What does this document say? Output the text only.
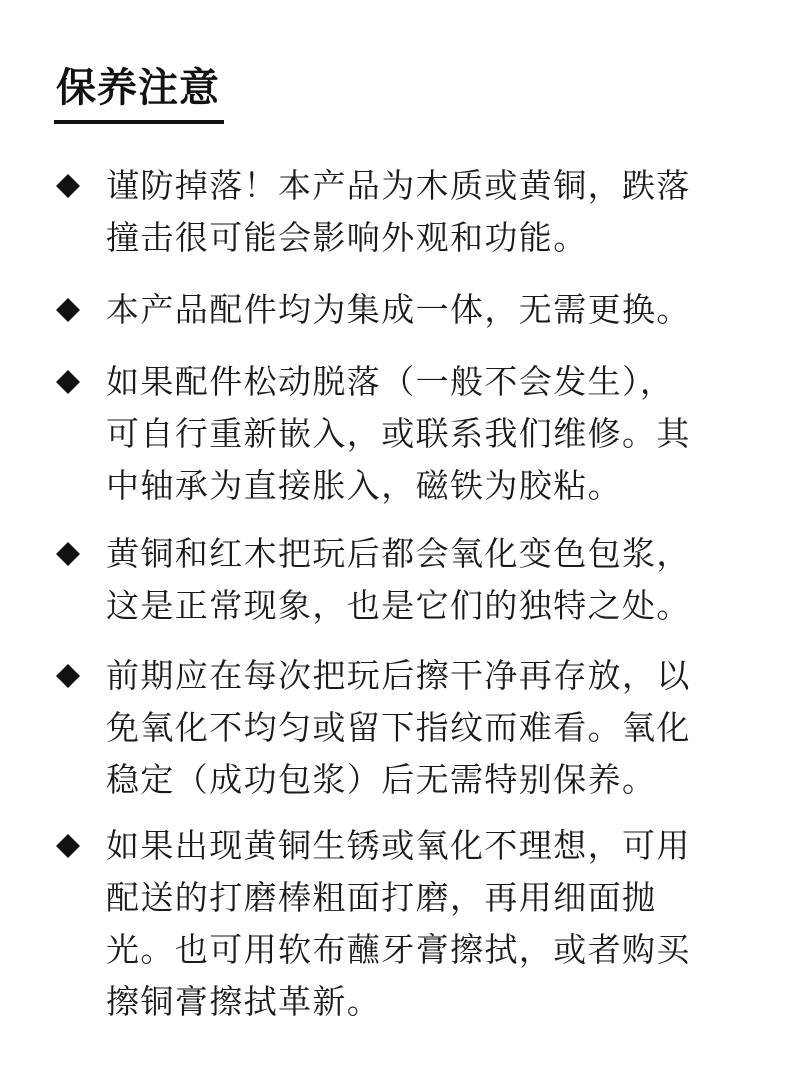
保养注意
谨防掉落！本产品为木质或黄铜，跌落
撞击很可能会影响外观和功能。
本产品配件均为集成一体，无需更换。
如果配件松动脱落（一般不会发生），
可自行重新嵌入，或联系我们维修。其
中轴承为直接胀入，磁铁为胶粘。
黄铜和红木把玩后都会氧化变色包浆，
这是正常现象，也是它们的独特之处。
前期应在每次把玩后擦干净再存放，以
免氧化不均匀或留下指纹而难看。氧化
稳定（成功包浆）后无需特别保养。
如果出现黄铜生锈或氧化不理想，可用
配送的打磨棒粗面打磨，再用细面抛
光。也可用软布蘸牙膏擦拭，或者购买
擦铜膏擦拭革新。
